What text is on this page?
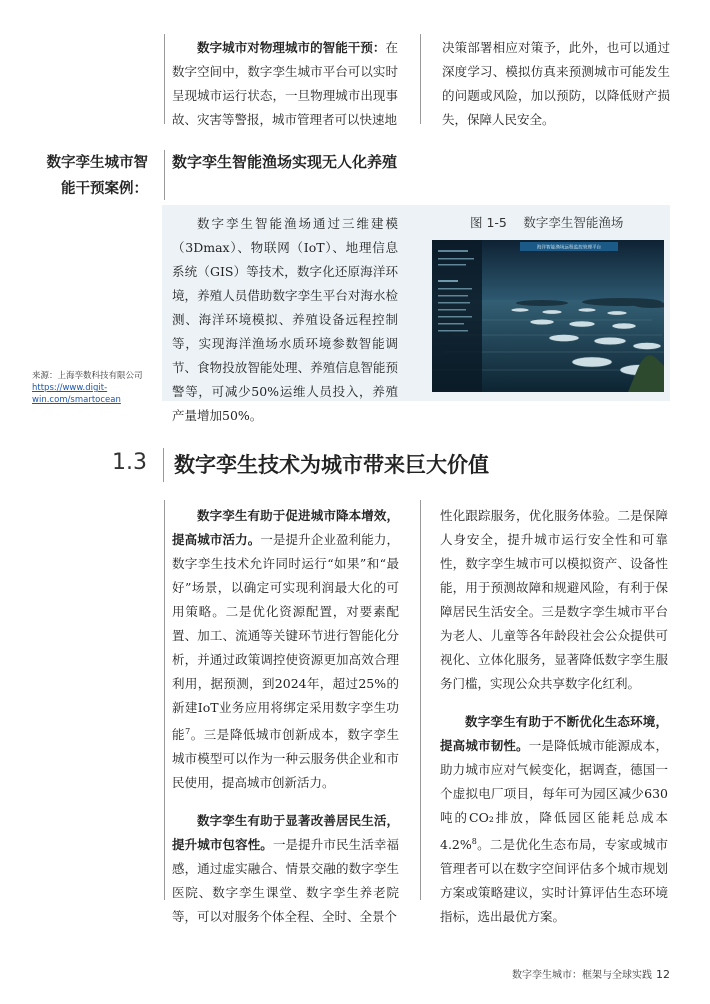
数字城市对物理城市的智能干预：在数字空间中，数字孪生城市平台可以实时呈现城市运行状态，一旦物理城市出现事故、灾害等警报，城市管理者可以快速地

决策部署相应对策予，此外，也可以通过深度学习、模拟仿真来预测城市可能发生的问题或风险，加以预防，以降低财产损失，保障人民安全。

数字孪生城市智能干预案例：
数字孪生智能渔场实现无人化养殖

数字孪生智能渔场通过三维建模（3Dmax）、物联网（IoT）、地理信息系统（GIS）等技术，数字化还原海洋环境，养殖人员借助数字孪生平台对海水检测、海洋环境模拟、养殖设备远程控制等，实现海洋渔场水质环境参数智能调节、食物投放智能处理、养殖信息智能预警等，可减少50%运维人员投入，养殖产量增加50%。

图 1-5　 数字孪生智能渔场
海洋智能渔场远程监控管理平台
来源：上海孪数科技有限公司https://www.digit-win.com/smartocean
1.3 数字孪生技术为城市带来巨大价值

数字孪生有助于促进城市降本增效，提高城市活力。一是提升企业盈利能力，数字孪生技术允许同时运行“如果”和“最好”场景，以确定可实现利润最大化的可用策略。二是优化资源配置，对要素配置、加工、流通等关键环节进行智能化分析，并通过政策调控使资源更加高效合理利用，据预测，到2024年，超过25%的新建IoT业务应用将绑定采用数字孪生功能$^7$。三是降低城市创新成本，数字孪生城市模型可以作为一种云服务供企业和市民使用，提高城市创新活力。

数字孪生有助于显著改善居民生活，提升城市包容性。一是提升市民生活幸福感，通过虚实融合、情景交融的数字孪生医院、数字孪生课堂、数字孪生养老院等，可以对服务个体全程、全时、全景个

性化跟踪服务，优化服务体验。二是保障人身安全，提升城市运行安全性和可靠性，数字孪生城市可以模拟资产、设备性能，用于预测故障和规避风险，有利于保障居民生活安全。三是数字孪生城市平台为老人、儿童等各年龄段社会公众提供可视化、立体化服务，显著降低数字孪生服务门槛，实现公众共享数字化红利。

数字孪生有助于不断优化生态环境，提高城市韧性。一是降低城市能源成本，助力城市应对气候变化，据调查，德国一个虚拟电厂项目，每年可为园区减少630吨的CO₂排放，降低园区能耗总成本 4.2%$^8$。二是优化生态布局，专家或城市管理者可以在数字空间评估多个城市规划方案或策略建议，实时计算评估生态环境指标，选出最优方案。

数字孪生城市：框架与全球实践 12
